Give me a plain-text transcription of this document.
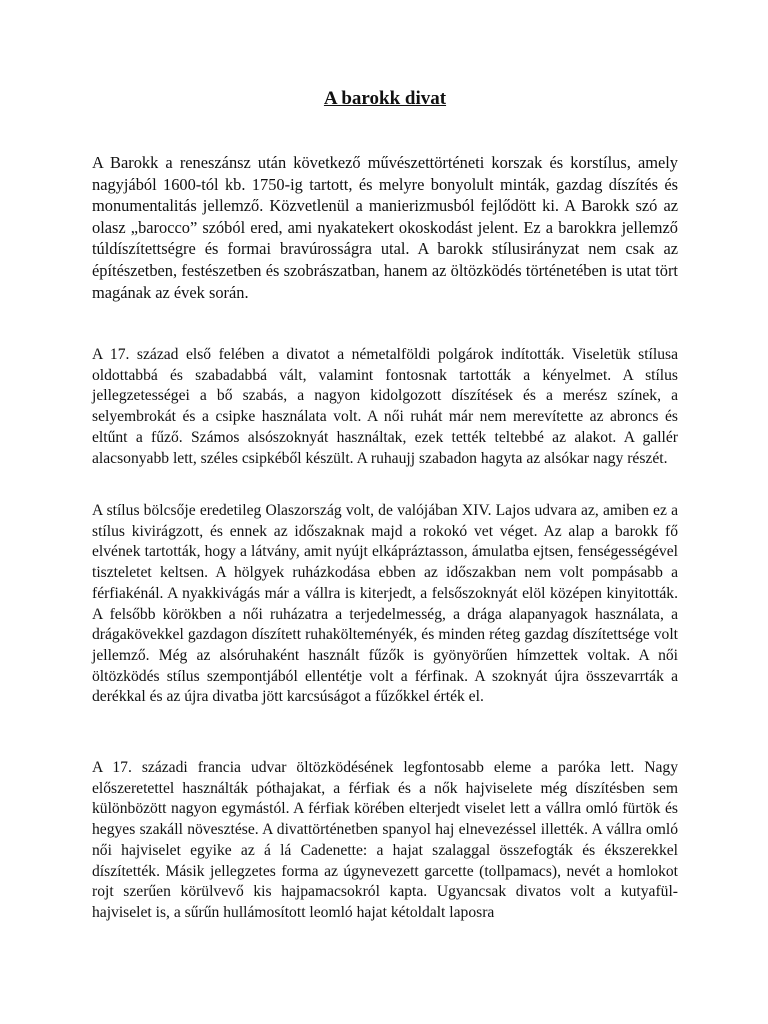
A barokk divat

A Barokk a reneszánsz után következő művészettörténeti korszak és korstílus, amely nagyjából 1600-tól kb. 1750-ig tartott, és melyre bonyolult minták, gazdag díszítés és monumentalitás jellemző. Közvetlenül a manierizmusból fejlődött ki. A Barokk szó az olasz „barocco” szóból ered, ami nyakatekert okoskodást jelent. Ez a barokkra jellemző túldíszítettségre és formai bravúrosságra utal. A barokk stílusirányzat nem csak az építészetben, festészetben és szobrászatban, hanem az öltözködés történetében is utat tört magának az évek során.

A 17. század első felében a divatot a németalföldi polgárok indították. Viseletük stílusa oldottabbá és szabadabbá vált, valamint fontosnak tartották a kényelmet. A stílus jellegzetességei a bő szabás, a nagyon kidolgozott díszítések és a merész színek, a selyembrokát és a csipke használata volt. A női ruhát már nem merevítette az abroncs és eltűnt a fűző. Számos alsószoknyát használtak, ezek tették teltebbé az alakot. A gallér alacsonyabb lett, széles csipkéből készült. A ruhaujj szabadon hagyta az alsókar nagy részét.

A stílus bölcsője eredetileg Olaszország volt, de valójában XIV. Lajos udvara az, amiben ez a stílus kivirágzott, és ennek az időszaknak majd a rokokó vet véget. Az alap a barokk fő elvének tartották, hogy a látvány, amit nyújt elkápráztasson, ámulatba ejtsen, fenségességével tiszteletet keltsen. A hölgyek ruházkodása ebben az időszakban nem volt pompásabb a férfiakénál. A nyakkivágás már a vállra is kiterjedt, a felsőszoknyát elöl középen kinyitották. A felsőbb körökben a női ruházatra a terjedelmesség, a drága alapanyagok használata, a drágakövekkel gazdagon díszített ruhakölteményék, és minden réteg gazdag díszítettsége volt jellemző. Még az alsóruhaként használt fűzők is gyönyörűen hímzettek voltak. A női öltözködés stílus szempontjából ellentétje volt a férfinak. A szoknyát újra összevarrták a derékkal és az újra divatba jött karcsúságot a fűzőkkel érték el.

A 17. századi francia udvar öltözködésének legfontosabb eleme a paróka lett. Nagy előszeretettel használták póthajakat, a férfiak és a nők hajviselete még díszítésben sem különbözött nagyon egymástól. A férfiak körében elterjedt viselet lett a vállra omló fürtök és hegyes szakáll növesztése. A divattörténetben spanyol haj elnevezéssel illették. A vállra omló női hajviselet egyike az á lá Cadenette: a hajat szalaggal összefogták és ékszerekkel díszítették. Másik jellegzetes forma az úgynevezett garcette (tollpamacs), nevét a homlokot rojt szerűen körülvevő kis hajpamacsokról kapta. Ugyancsak divatos volt a kutyafül-hajviselet is, a sűrűn hullámosított leomló hajat kétoldalt laposra
